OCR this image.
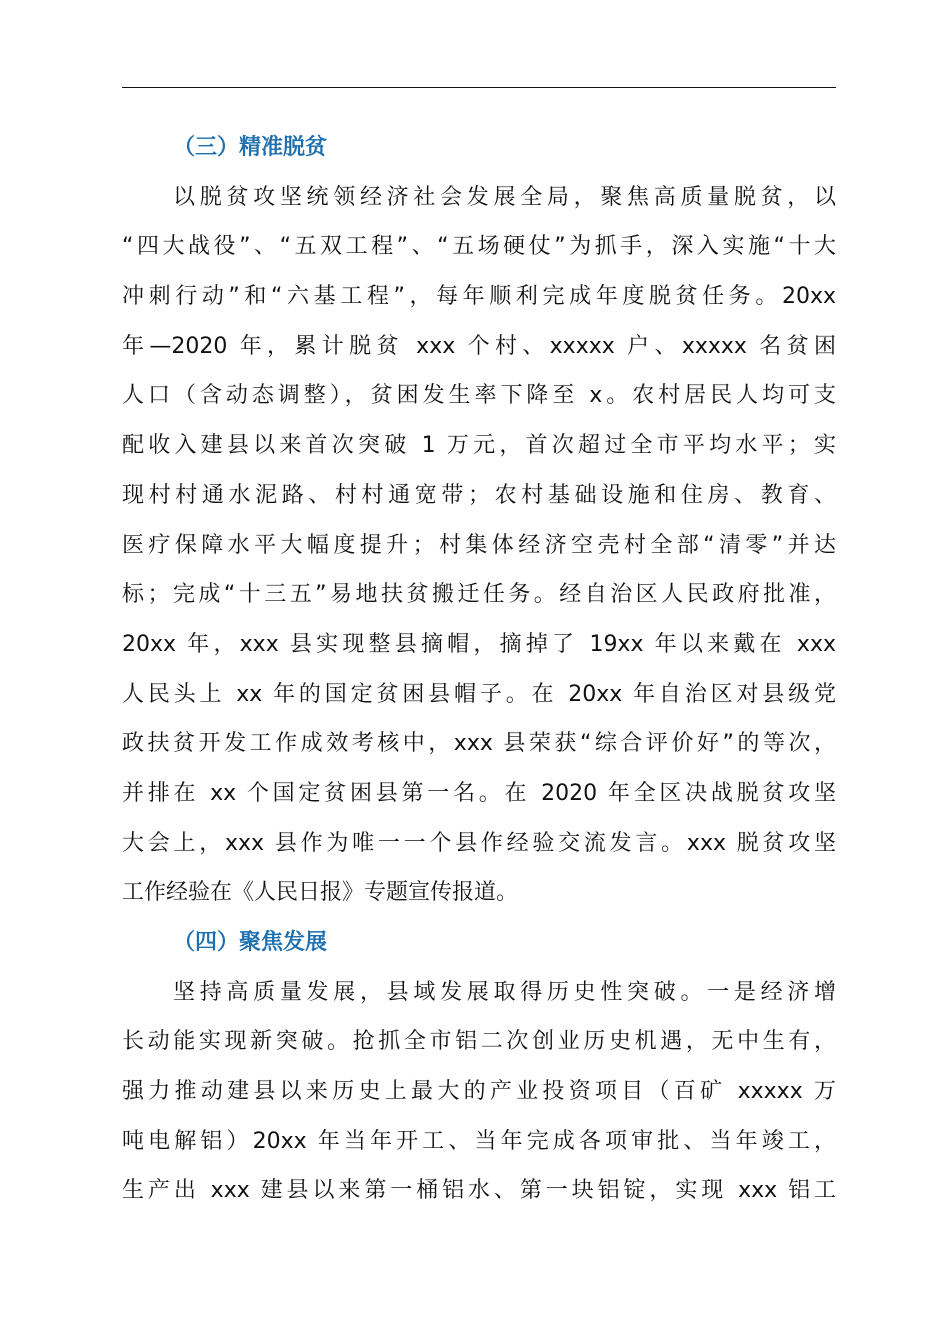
（三）精准脱贫
以脱贫攻坚统领经济社会发展全局，聚焦高质量脱贫，以
“四大战役”、“五双工程”、“五场硬仗”为抓手，深入实施“十大
冲刺行动”和“六基工程”，每年顺利完成年度脱贫任务。20xx
年—2020 年，累计脱贫 xxx 个村、xxxxx 户、xxxxx 名贫困
人口（含动态调整），贫困发生率下降至 x。农村居民人均可支
配收入建县以来首次突破 1 万元，首次超过全市平均水平；实
现村村通水泥路、村村通宽带；农村基础设施和住房、教育、
医疗保障水平大幅度提升；村集体经济空壳村全部“清零”并达
标；完成“十三五”易地扶贫搬迁任务。经自治区人民政府批准，
20xx 年，xxx 县实现整县摘帽，摘掉了 19xx 年以来戴在 xxx
人民头上 xx 年的国定贫困县帽子。在 20xx 年自治区对县级党
政扶贫开发工作成效考核中，xxx 县荣获“综合评价好”的等次，
并排在 xx 个国定贫困县第一名。在 2020 年全区决战脱贫攻坚
大会上，xxx 县作为唯一一个县作经验交流发言。xxx 脱贫攻坚
工作经验在《人民日报》专题宣传报道。
（四）聚焦发展
坚持高质量发展，县域发展取得历史性突破。一是经济增
长动能实现新突破。抢抓全市铝二次创业历史机遇，无中生有，
强力推动建县以来历史上最大的产业投资项目（百矿 xxxxx 万
吨电解铝）20xx 年当年开工、当年完成各项审批、当年竣工，
生产出 xxx 建县以来第一桶铝水、第一块铝锭，实现 xxx 铝工
